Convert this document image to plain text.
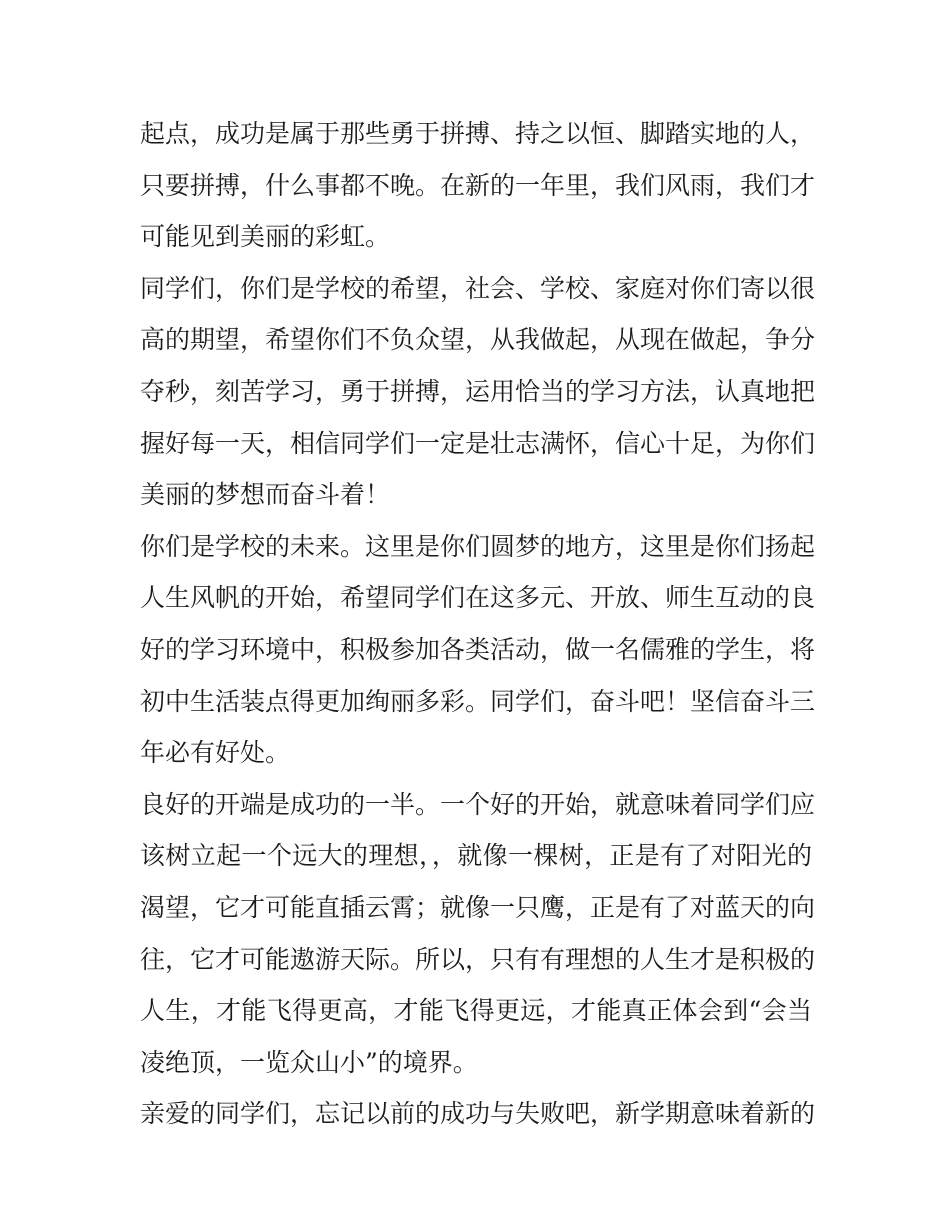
起点，成功是属于那些勇于拼搏、持之以恒、脚踏实地的人，
只要拼搏，什么事都不晚。在新的一年里，我们风雨，我们才
可能见到美丽的彩虹。

同学们，你们是学校的希望，社会、学校、家庭对你们寄以很
高的期望，希望你们不负众望，从我做起，从现在做起，争分
夺秒，刻苦学习，勇于拼搏，运用恰当的学习方法，认真地把
握好每一天，相信同学们一定是壮志满怀，信心十足，为你们
美丽的梦想而奋斗着！

你们是学校的未来。这里是你们圆梦的地方，这里是你们扬起
人生风帆的开始，希望同学们在这多元、开放、师生互动的良
好的学习环境中，积极参加各类活动，做一名儒雅的学生，将
初中生活装点得更加绚丽多彩。同学们，奋斗吧！坚信奋斗三
年必有好处。

良好的开端是成功的一半。一个好的开始，就意味着同学们应
该树立起一个远大的理想，，就像一棵树，正是有了对阳光的
渴望，它才可能直插云霄；就像一只鹰，正是有了对蓝天的向
往，它才可能遨游天际。所以，只有有理想的人生才是积极的
人生，才能飞得更高，才能飞得更远，才能真正体会到“会当
凌绝顶，一览众山小”的境界。

亲爱的同学们，忘记以前的成功与失败吧，新学期意味着新的
